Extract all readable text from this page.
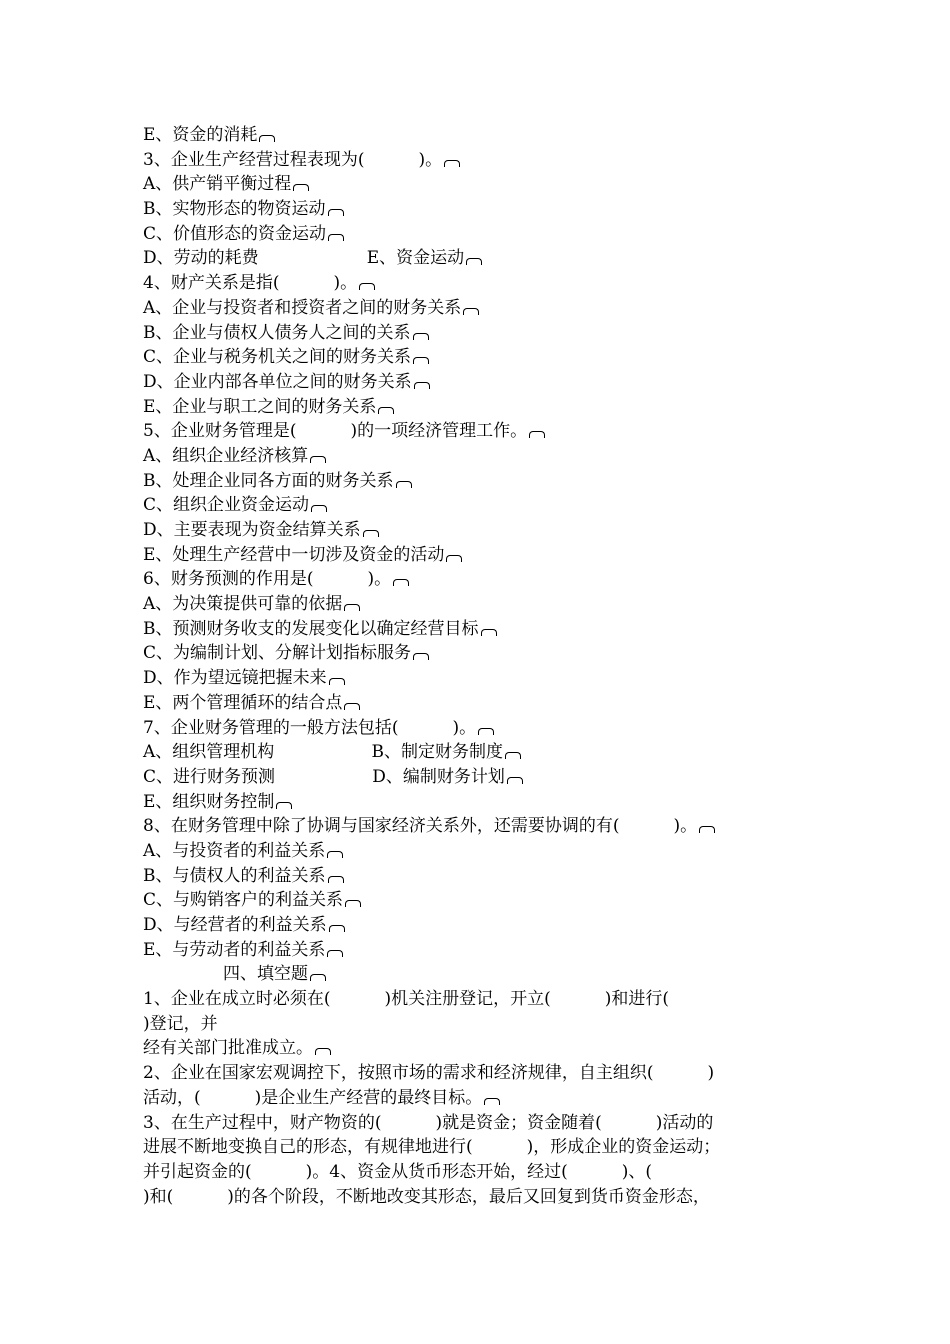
E、资金的消耗
3、企业生产经营过程表现为(          )。
A、供产销平衡过程
B、实物形态的物资运动
C、价值形态的资金运动
D、劳动的耗费                    E、资金运动
4、财产关系是指(          )。
A、企业与投资者和授资者之间的财务关系
B、企业与债权人债务人之间的关系
C、企业与税务机关之间的财务关系
D、企业内部各单位之间的财务关系
E、企业与职工之间的财务关系
5、企业财务管理是(          )的一项经济管理工作。
A、组织企业经济核算
B、处理企业同各方面的财务关系
C、组织企业资金运动
D、主要表现为资金结算关系
E、处理生产经营中一切涉及资金的活动
6、财务预测的作用是(          )。
A、为决策提供可靠的依据
B、预测财务收支的发展变化以确定经营目标
C、为编制计划、分解计划指标服务
D、作为望远镜把握未来
E、两个管理循环的结合点
7、企业财务管理的一般方法包括(          )。
A、组织管理机构                  B、制定财务制度
C、进行财务预测                  D、编制财务计划
E、组织财务控制
8、在财务管理中除了协调与国家经济关系外，还需要协调的有(          )。
A、与投资者的利益关系
B、与债权人的利益关系
C、与购销客户的利益关系
D、与经营者的利益关系
E、与劳动者的利益关系
四、填空题
1、企业在成立时必须在(          )机关注册登记，开立(          )和进行(
)登记，并
经有关部门批准成立。
2、企业在国家宏观调控下，按照市场的需求和经济规律，自主组织(          )
活动，(          )是企业生产经营的最终目标。
3、在生产过程中，财产物资的(          )就是资金；资金随着(          )活动的
进展不断地变换自己的形态，有规律地进行(          )，形成企业的资金运动；
并引起资金的(          )。4、资金从货币形态开始，经过(          )、(
)和(          )的各个阶段，不断地改变其形态，最后又回复到货币资金形态，
